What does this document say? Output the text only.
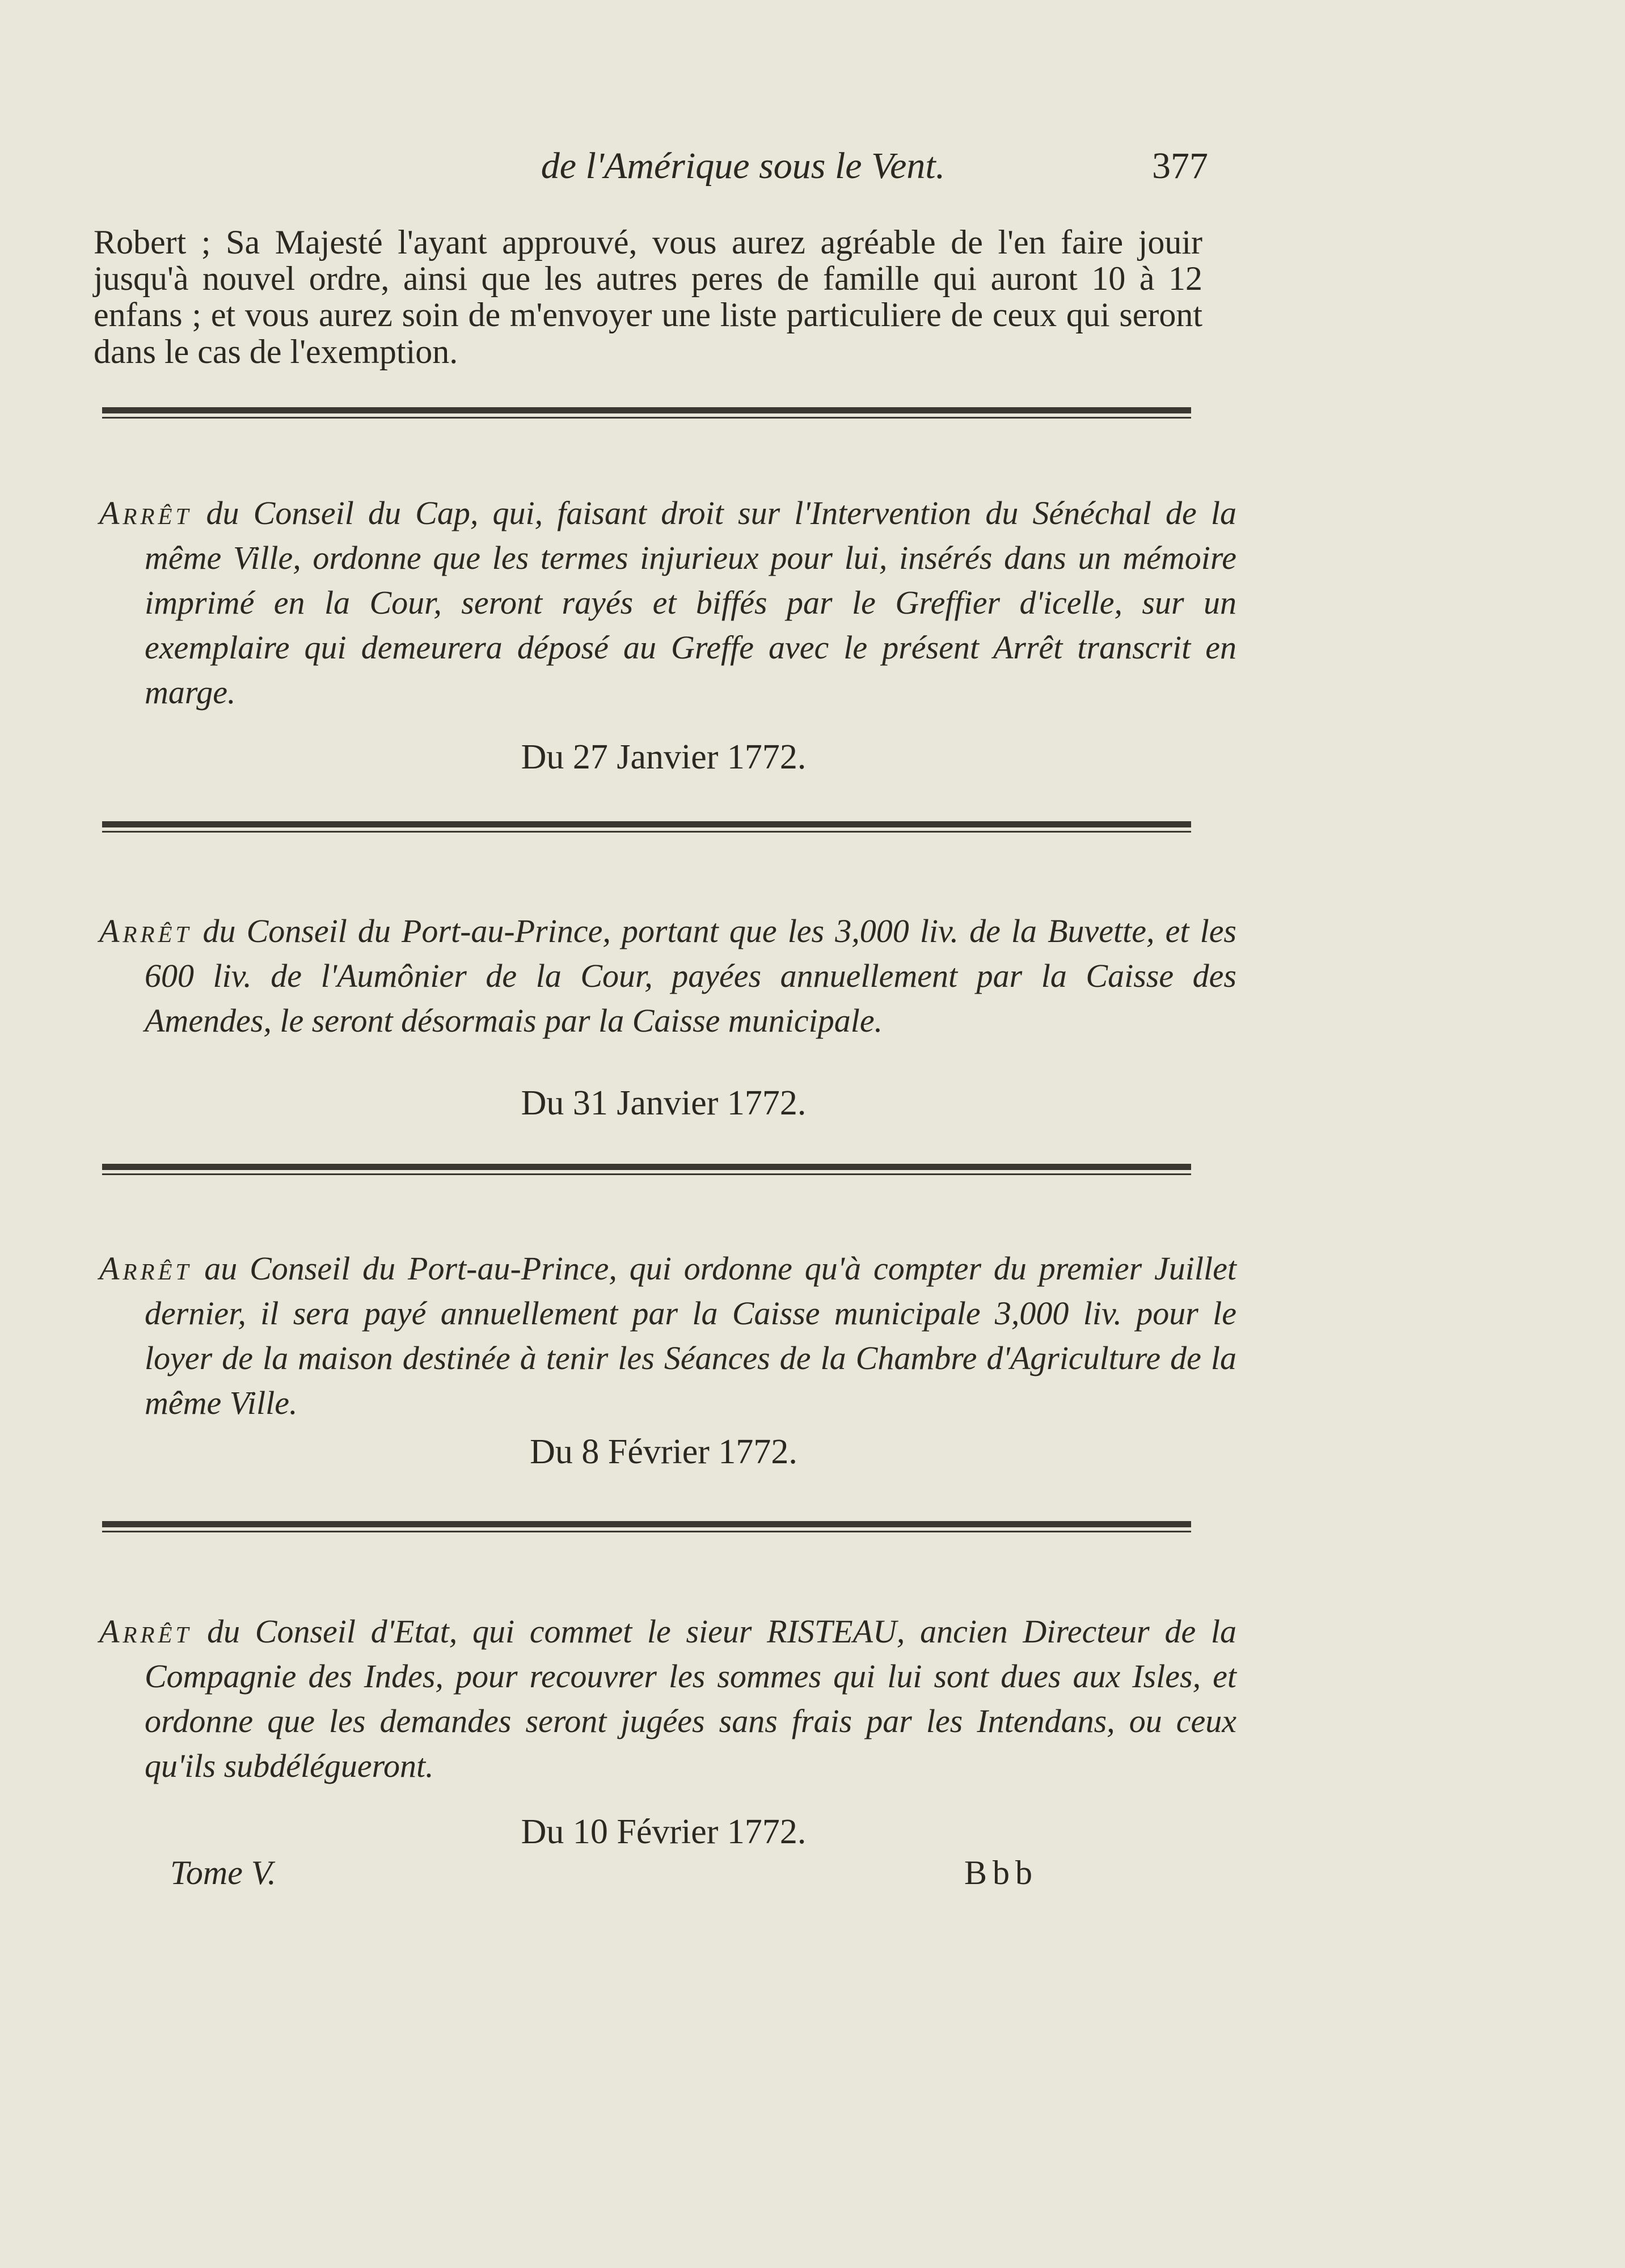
de l'Amérique sous le Vent.	377

Robert ; Sa Majesté l'ayant approuvé, vous aurez agréable de l'en faire jouir jusqu'à nouvel ordre, ainsi que les autres peres de famille qui auront 10 à 12 enfans ; et vous aurez soin de m'envoyer une liste particuliere de ceux qui seront dans le cas de l'exemption.

Arrêt du Conseil du Cap, qui, faisant droit sur l'Intervention du Sénéchal de la même Ville, ordonne que les termes injurieux pour lui, insérés dans un mémoire imprimé en la Cour, seront rayés et biffés par le Greffier d'icelle, sur un exemplaire qui demeurera déposé au Greffe avec le présent Arrêt transcrit en marge.

Du 27 Janvier 1772.

Arrêt du Conseil du Port-au-Prince, portant que les 3,000 liv. de la Buvette, et les 600 liv. de l'Aumônier de la Cour, payées annuellement par la Caisse des Amendes, le seront désormais par la Caisse municipale.

Du 31 Janvier 1772.

Arrêt au Conseil du Port-au-Prince, qui ordonne qu'à compter du premier Juillet dernier, il sera payé annuellement par la Caisse municipale 3,000 liv. pour le loyer de la maison destinée à tenir les Séances de la Chambre d'Agriculture de la même Ville.

Du 8 Février 1772.

Arrêt du Conseil d'Etat, qui commet le sieur RISTEAU, ancien Directeur de la Compagnie des Indes, pour recouvrer les sommes qui lui sont dues aux Isles, et ordonne que les demandes seront jugées sans frais par les Intendans, ou ceux qu'ils subdélégueront.

Du 10 Février 1772.
Tome V.	Bbb
